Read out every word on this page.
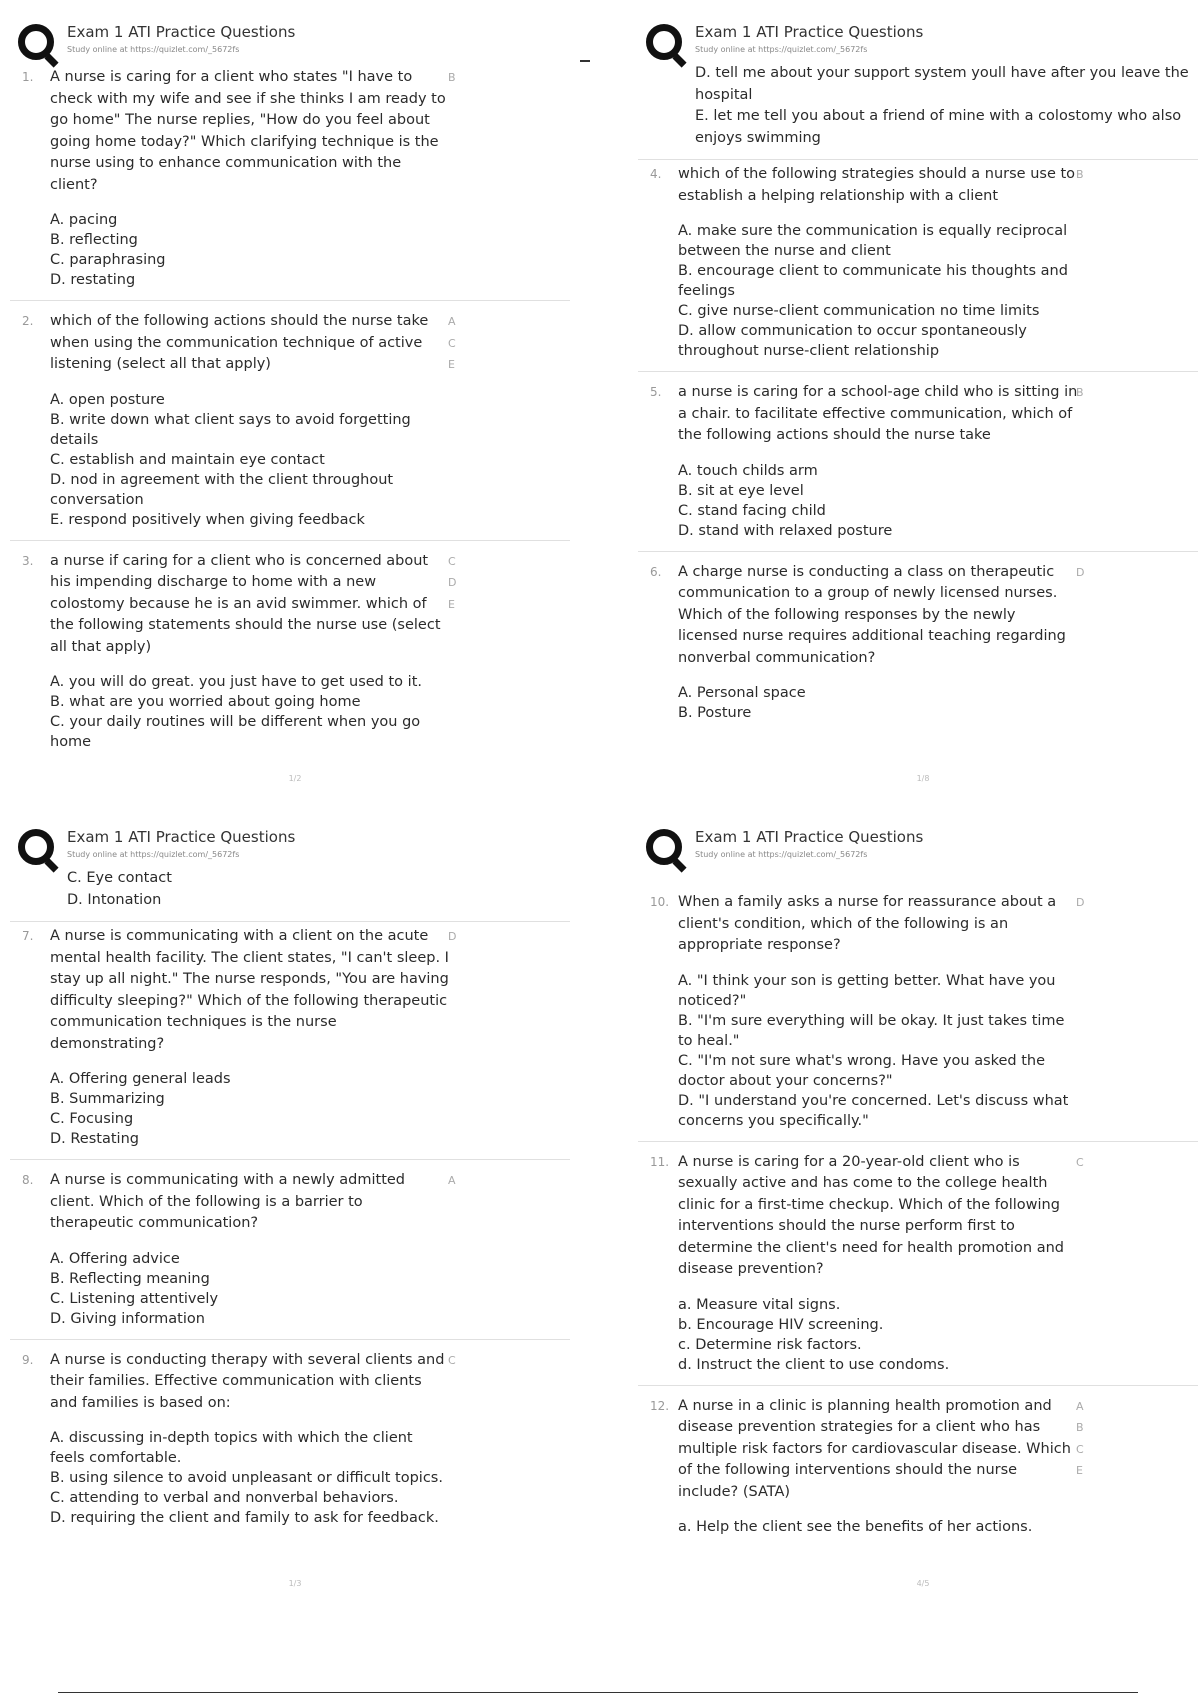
Exam 1 ATI Practice Questions
Study online at https://quizlet.com/_5672fs
1. A nurse is caring for a client who states "I have to check with my wife and see if she thinks I am ready to go home" The nurse replies, "How do you feel about going home today?" Which clarifying technique is the nurse using to enhance communication with the client?
B
A. pacing
B. reflecting
C. paraphrasing
D. restating
2. which of the following actions should the nurse take when using the communication technique of active listening (select all that apply)
A
C
E
A. open posture
B. write down what client says to avoid forgetting details
C. establish and maintain eye contact
D. nod in agreement with the client throughout conversation
E. respond positively when giving feedback
3. a nurse if caring for a client who is concerned about his impending discharge to home with a new colostomy because he is an avid swimmer. which of the following statements should the nurse use (select all that apply)
C
D
E
A. you will do great. you just have to get used to it.
B. what are you worried about going home
C. your daily routines will be different when you go home
1/2
Exam 1 ATI Practice Questions
Study online at https://quizlet.com/_5672fs
D. tell me about your support system youll have after you leave the hospital
E. let me tell you about a friend of mine with a colostomy who also enjoys swimming
4. which of the following strategies should a nurse use to establish a helping relationship with a client
B
A. make sure the communication is equally reciprocal between the nurse and client
B. encourage client to communicate his thoughts and feelings
C. give nurse-client communication no time limits
D. allow communication to occur spontaneously throughout nurse-client relationship
5. a nurse is caring for a school-age child who is sitting in a chair. to facilitate effective communication, which of the following actions should the nurse take
B
A. touch childs arm
B. sit at eye level
C. stand facing child
D. stand with relaxed posture
6. A charge nurse is conducting a class on therapeutic communication to a group of newly licensed nurses. Which of the following responses by the newly licensed nurse requires additional teaching regarding nonverbal communication?
D
A. Personal space
B. Posture
1/8
Exam 1 ATI Practice Questions
Study online at https://quizlet.com/_5672fs
C. Eye contact
D. Intonation
7. A nurse is communicating with a client on the acute mental health facility. The client states, "I can't sleep. I stay up all night." The nurse responds, "You are having difficulty sleeping?" Which of the following therapeutic communication techniques is the nurse demonstrating?
D
A. Offering general leads
B. Summarizing
C. Focusing
D. Restating
8. A nurse is communicating with a newly admitted client. Which of the following is a barrier to therapeutic communication?
A
A. Offering advice
B. Reflecting meaning
C. Listening attentively
D. Giving information
9. A nurse is conducting therapy with several clients and their families. Effective communication with clients and families is based on:
C
A. discussing in-depth topics with which the client feels comfortable.
B. using silence to avoid unpleasant or difficult topics.
C. attending to verbal and nonverbal behaviors.
D. requiring the client and family to ask for feedback.
1/3
Exam 1 ATI Practice Questions
Study online at https://quizlet.com/_5672fs
10. When a family asks a nurse for reassurance about a client's condition, which of the following is an appropriate response?
D
A. "I think your son is getting better. What have you noticed?"
B. "I'm sure everything will be okay. It just takes time to heal."
C. "I'm not sure what's wrong. Have you asked the doctor about your concerns?"
D. "I understand you're concerned. Let's discuss what concerns you specifically."
11. A nurse is caring for a 20-year-old client who is sexually active and has come to the college health clinic for a first-time checkup. Which of the following interventions should the nurse perform first to determine the client's need for health promotion and disease prevention?
C
a. Measure vital signs.
b. Encourage HIV screening.
c. Determine risk factors.
d. Instruct the client to use condoms.
12. A nurse in a clinic is planning health promotion and disease prevention strategies for a client who has multiple risk factors for cardiovascular disease. Which of the following interventions should the nurse include? (SATA)
A
B
C
E
a. Help the client see the benefits of her actions.
4/5
